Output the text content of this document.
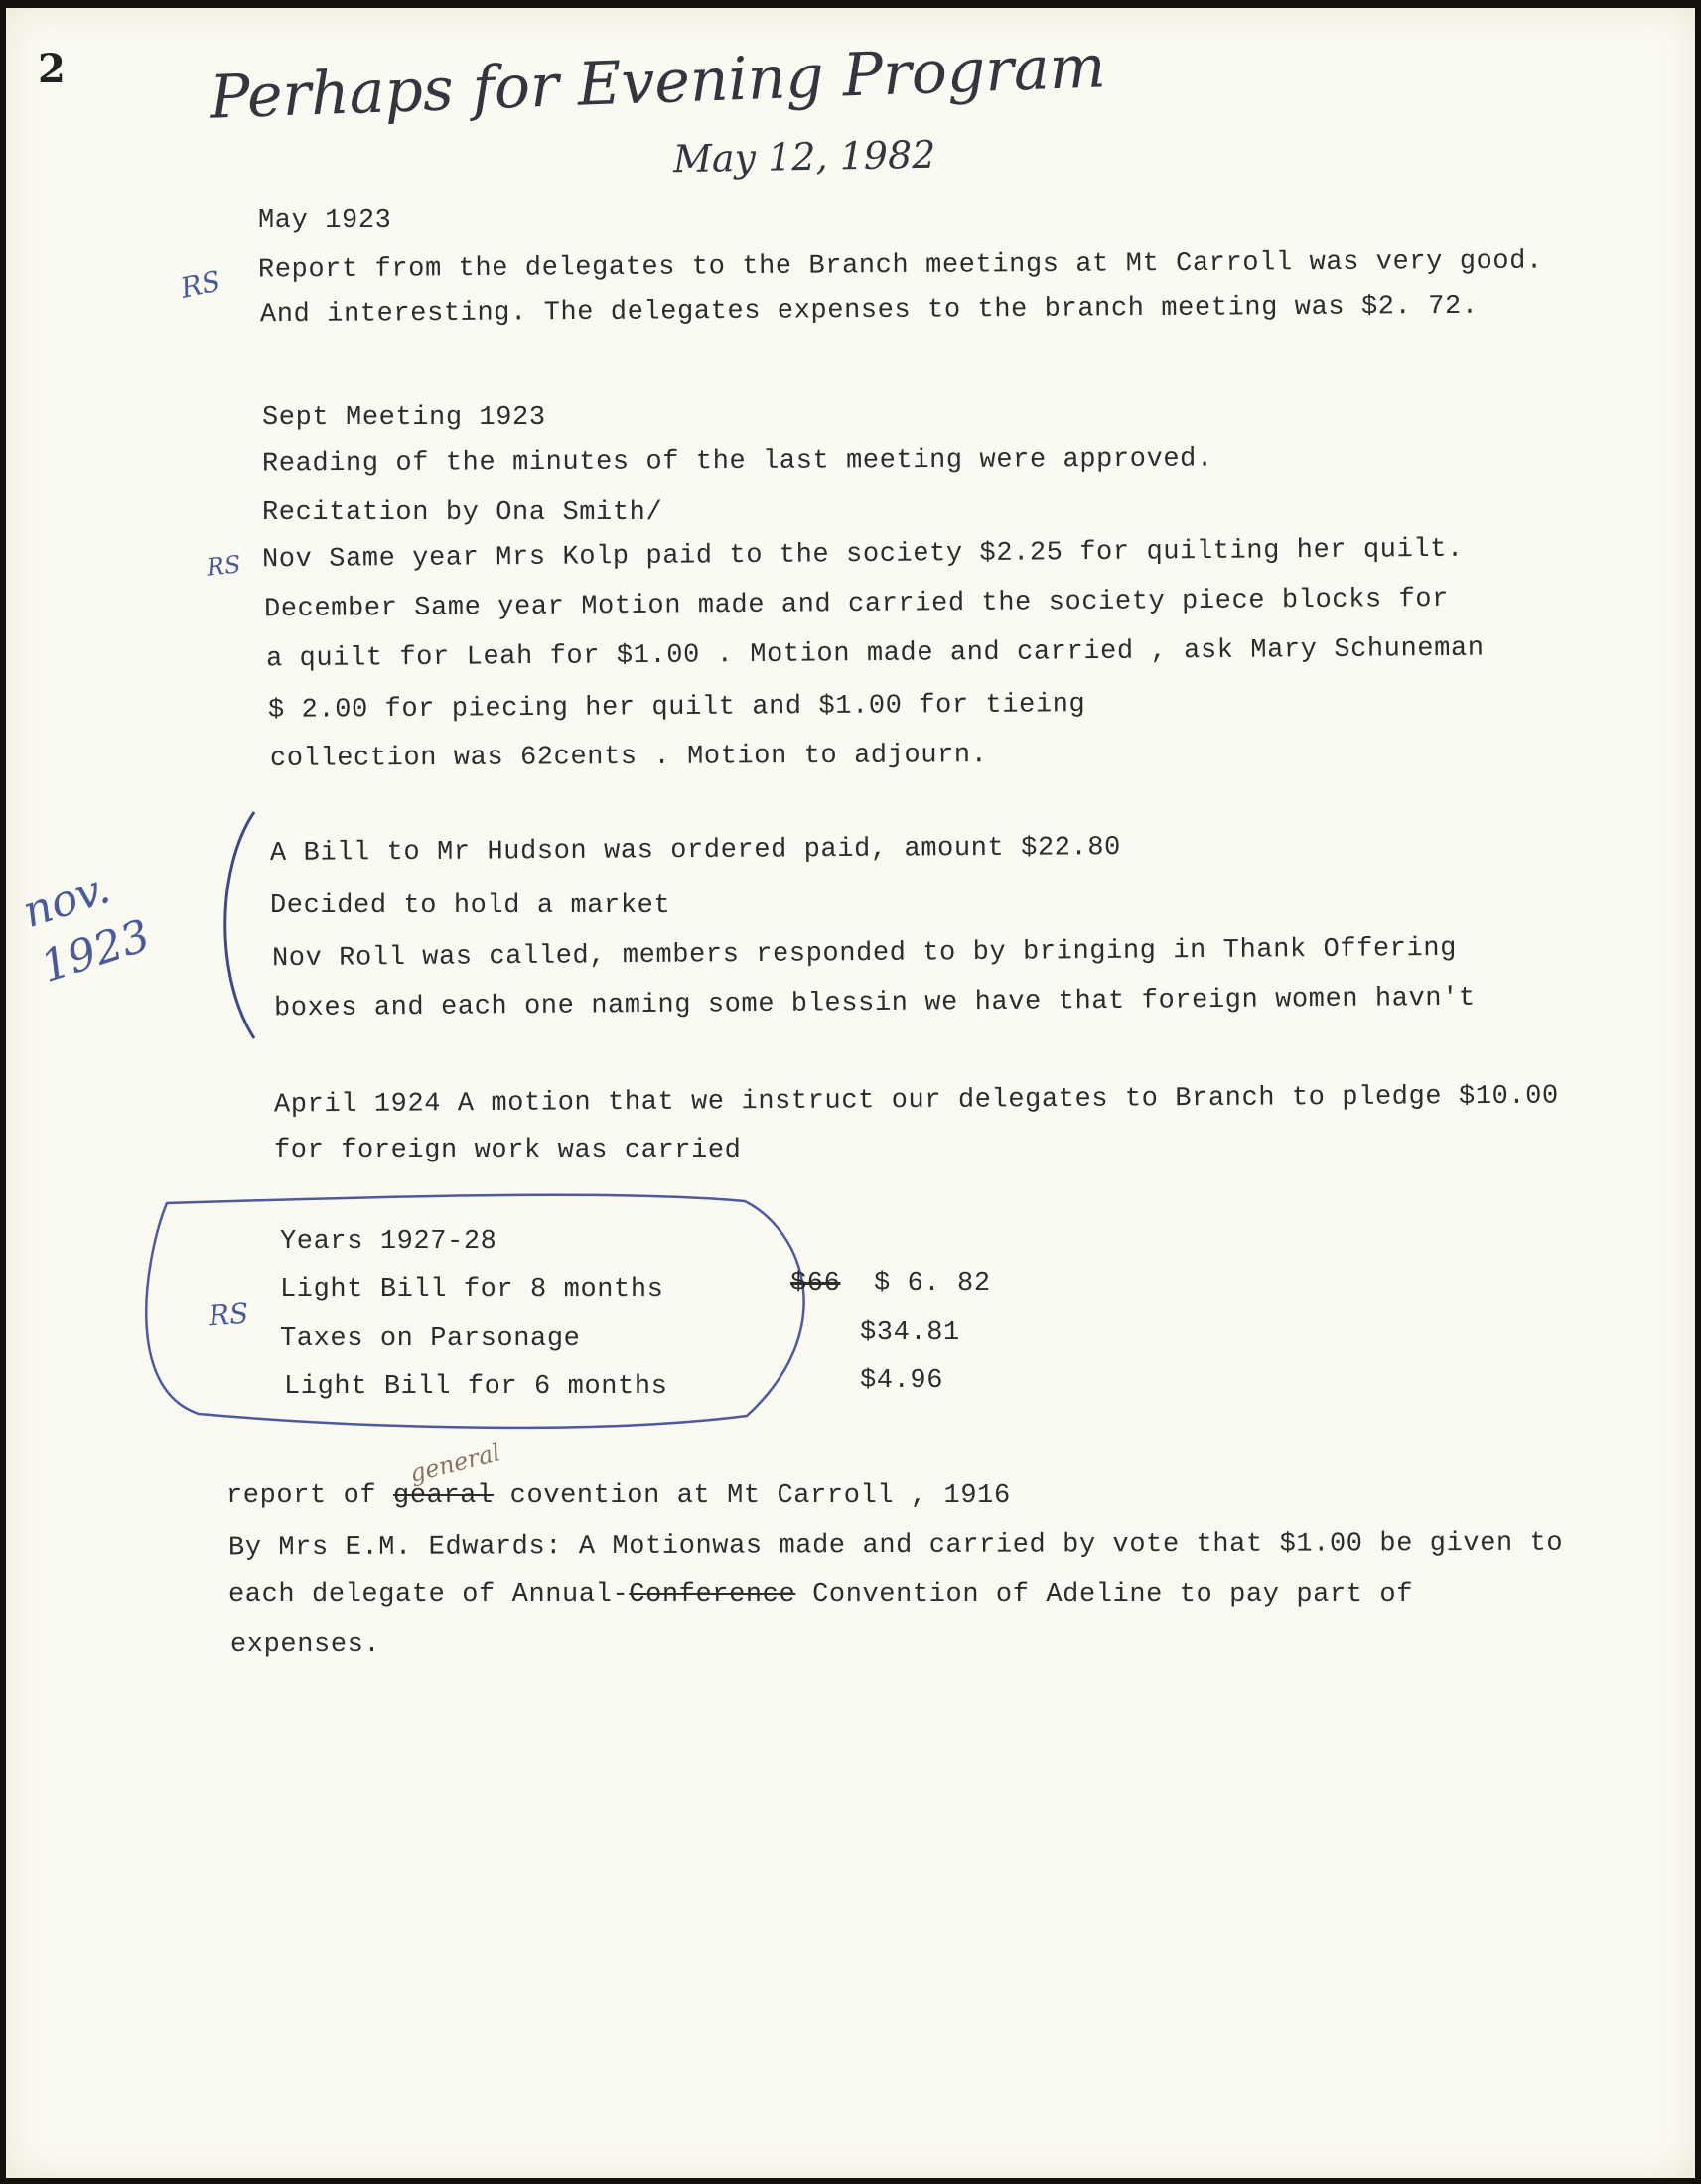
Perhaps for Evening Program
May 12, 1982
2
May 1923
Report from the delegates to the Branch meetings at Mt Carroll was very good.
And interesting. The delegates expenses to the branch meeting was $2. 72.
RS
Sept Meeting 1923
Reading of the minutes of the last meeting were approved.
Recitation by Ona Smith/
Nov Same year Mrs Kolp paid to the society $2.25 for quilting her quilt.
December Same year Motion made and carried the society piece blocks for
a quilt for Leah for $1.00 . Motion made and carried , ask Mary Schuneman
$ 2.00 for piecing her quilt and $1.00 for tieing
collection was 62cents . Motion to adjourn.
RS
nov. 1923
A Bill to Mr Hudson was ordered paid, amount $22.80
Decided to hold a market
Nov Roll was called, members responded to by bringing in Thank Offering
boxes and each one naming some blessin we have that foreign women havn't
April 1924 A motion that we instruct our delegates to Branch to pledge $10.00
for foreign work was carried
RS
Years 1927-28
Light Bill for 8 months	$66 $ 6. 82
Taxes on Parsonage	$34.81
Light Bill for 6 months	$4.96
report of gearal covention at Mt Carroll , 1916
general
By Mrs E.M. Edwards: A Motionwas made and carried by vote that $1.00 be given to
each delegate of Annual-Conference Convention of Adeline to pay part of
expenses.
